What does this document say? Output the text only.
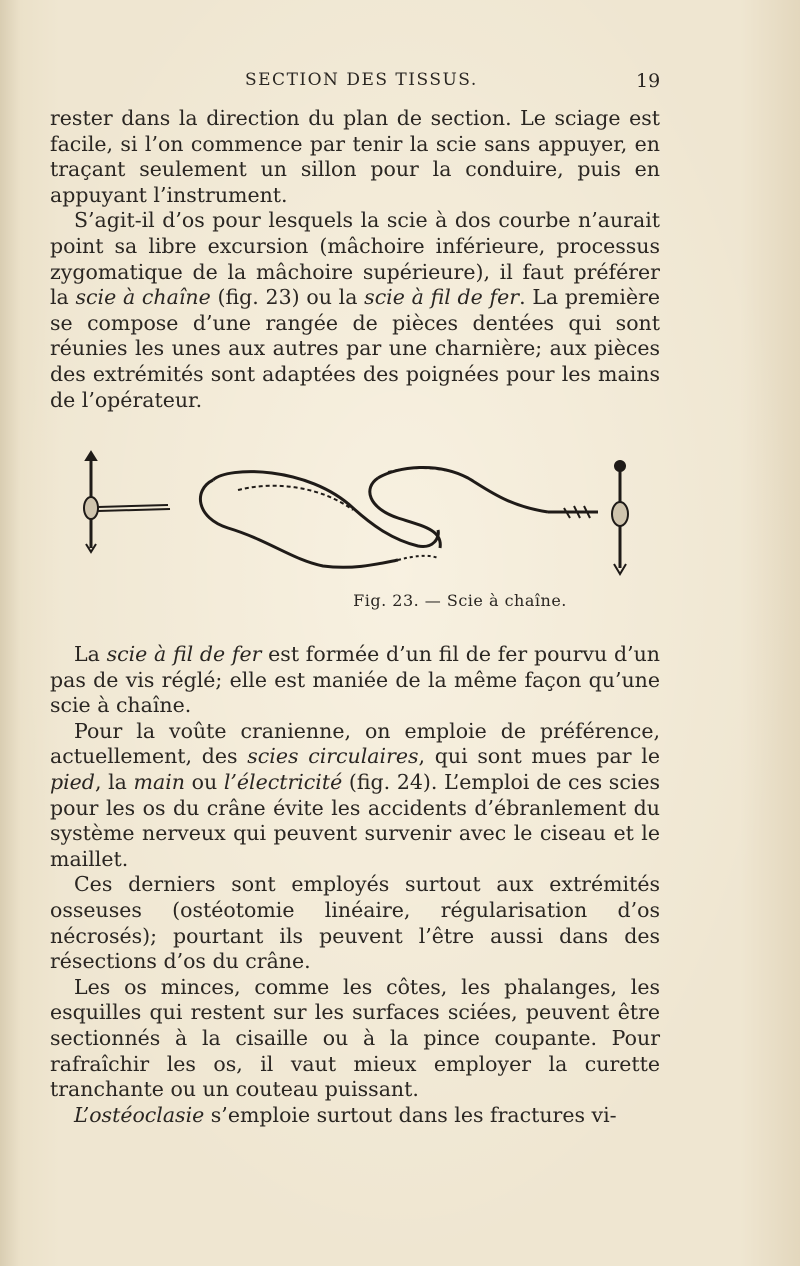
SECTION DES TISSUS.	19

rester dans la direction du plan de section. Le sciage est facile, si l’on commence par tenir la scie sans appuyer, en traçant seulement un sillon pour la conduire, puis en appuyant l’instrument.

S’agit-il d’os pour lesquels la scie à dos courbe n’aurait point sa libre excursion (mâchoire inférieure, processus zygomatique de la mâchoire supérieure), il faut préférer la scie à chaîne (fig. 23) ou la scie à fil de fer. La première se compose d’une rangée de pièces dentées qui sont réunies les unes aux autres par une charnière; aux pièces des extrémités sont adaptées des poignées pour les mains de l’opérateur.

Fig. 23. — Scie à chaîne.

La scie à fil de fer est formée d’un fil de fer pourvu d’un pas de vis réglé; elle est maniée de la même façon qu’une scie à chaîne.

Pour la voûte cranienne, on emploie de préférence, actuellement, des scies circulaires, qui sont mues par le pied, la main ou l’électricité (fig. 24). L’emploi de ces scies pour les os du crâne évite les accidents d’ébranlement du système nerveux qui peuvent survenir avec le ciseau et le maillet.

Ces derniers sont employés surtout aux extrémités osseuses (ostéotomie linéaire, régularisation d’os nécrosés); pourtant ils peuvent l’être aussi dans des résections d’os du crâne.

Les os minces, comme les côtes, les phalanges, les esquilles qui restent sur les surfaces sciées, peuvent être sectionnés à la cisaille ou à la pince coupante. Pour rafraîchir les os, il vaut mieux employer la curette tranchante ou un couteau puissant.

L’ostéoclasie s’emploie surtout dans les fractures vi-
